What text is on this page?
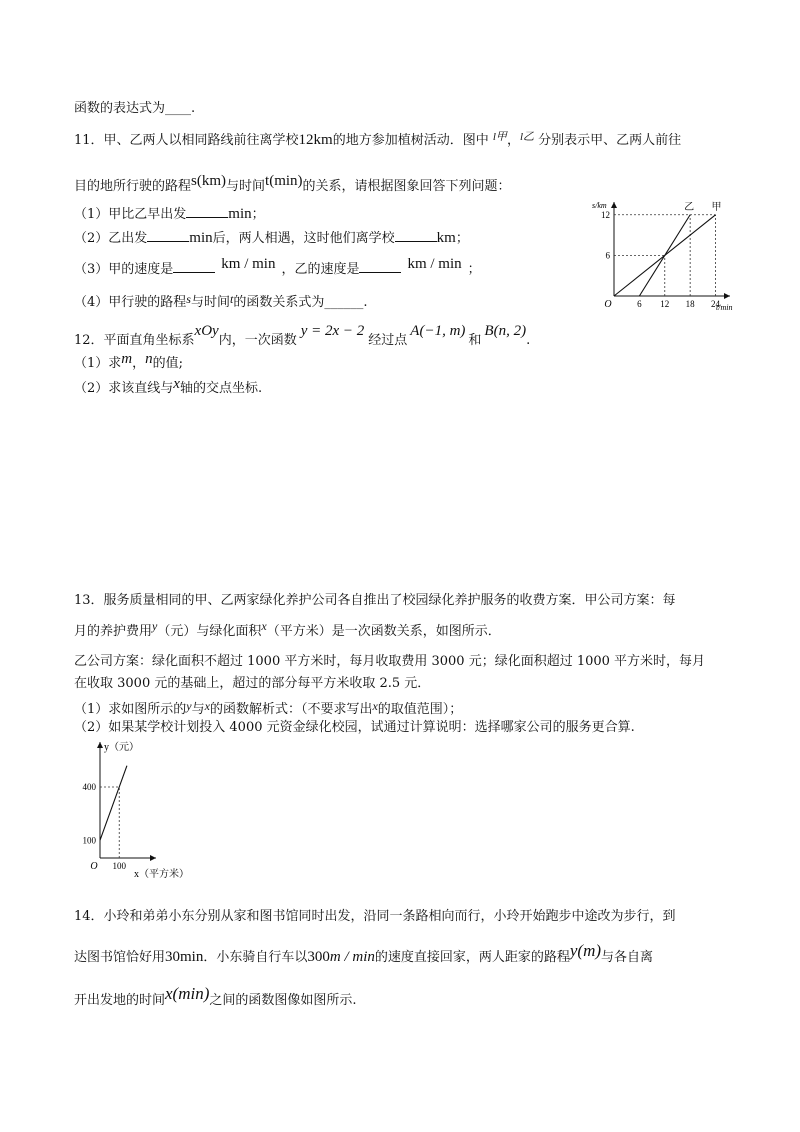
函数的表达式为____.
11．甲、乙两人以相同路线前往离学校12km的地方参加植树活动．图中 $^{l甲}$，$^{l乙}$ 分别表示甲、乙两人前往
目的地所行驶的路程s(km)与时间t(min)的关系，请根据图象回答下列问题：
（1）甲比乙早出发	min；
（2）乙出发	min后，两人相遇，这时他们离学校	km；
（3）甲的速度是	km / min ，乙的速度是	km / min ；
（4）甲行驶的路程s与时间t的函数关系式为______.	6 12 18 24
6
12
O
s/km
t/min
乙 甲
12．平面直角坐标系xOy内，一次函数y = 2x − 2经过点A(−1, m)和B(n, 2).
（1）求m，n的值;
（2）求该直线与x轴的交点坐标.
13．服务质量相同的甲、乙两家绿化养护公司各自推出了校园绿化养护服务的收费方案．甲公司方案：每
月的养护费用y（元）与绿化面积x（平方米）是一次函数关系，如图所示．
乙公司方案：绿化面积不超过 1000 平方米时，每月收取费用 3000 元；绿化面积超过 1000 平方米时，每月
在收取 3000 元的基础上，超过的部分每平方米收取 2.5 元．
（1）求如图所示的y与x的函数解析式：（不要求写出x的取值范围）；
（2）如果某学校计划投入 4000 元资金绿化校园，试通过计算说明：选择哪家公司的服务更合算.
100
100
400
O
y（元）
x（平方米）
14．小玲和弟弟小东分别从家和图书馆同时出发，沿同一条路相向而行，小玲开始跑步中途改为步行，到
达图书馆恰好用30min．小东骑自行车以300m / min的速度直接回家，两人距家的路程y(m)与各自离
开出发地的时间x(min)之间的函数图像如图所示.
